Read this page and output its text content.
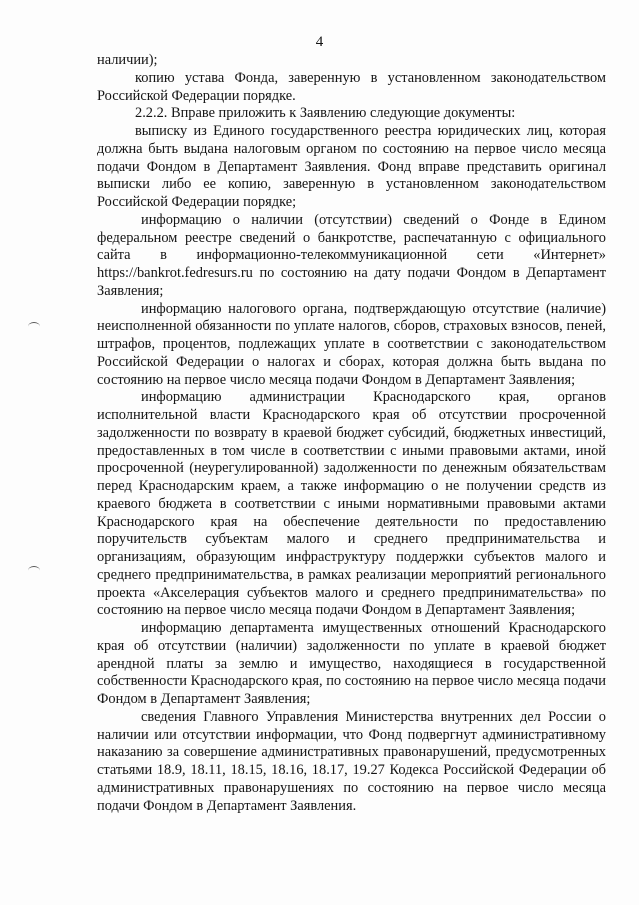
4

наличии);

копию устава Фонда, заверенную в установленном законодательством Российской Федерации порядке.

2.2.2. Вправе приложить к Заявлению следующие документы:

выписку из Единого государственного реестра юридических лиц, которая должна быть выдана налоговым органом по состоянию на первое число месяца подачи Фондом в Департамент Заявления. Фонд вправе представить оригинал выписки либо ее копию, заверенную в установленном законодательством Российской Федерации порядке;

информацию о наличии (отсутствии) сведений о Фонде в Едином федеральном реестре сведений о банкротстве, распечатанную с официального сайта в информационно-телекоммуникационной сети «Интернет» https://bankrot.fedresurs.ru по состоянию на дату подачи Фондом в Департамент Заявления;

информацию налогового органа, подтверждающую отсутствие (наличие) неисполненной обязанности по уплате налогов, сборов, страховых взносов, пеней, штрафов, процентов, подлежащих уплате в соответствии с законодательством Российской Федерации о налогах и сборах, которая должна быть выдана по состоянию на первое число месяца подачи Фондом в Департамент Заявления;

информацию администрации Краснодарского края, органов исполнительной власти Краснодарского края об отсутствии просроченной задолженности по возврату в краевой бюджет субсидий, бюджетных инвестиций, предоставленных в том числе в соответствии с иными правовыми актами, иной просроченной (неурегулированной) задолженности по денежным обязательствам перед Краснодарским краем, а также информацию о не получении средств из краевого бюджета в соответствии с иными нормативными правовыми актами Краснодарского края на обеспечение деятельности по предоставлению поручительств субъектам малого и среднего предпринимательства и организациям, образующим инфраструктуру поддержки субъектов малого и среднего предпринимательства, в рамках реализации мероприятий регионального проекта «Акселерация субъектов малого и среднего предпринимательства» по состоянию на первое число месяца подачи Фондом в Департамент Заявления;

информацию департамента имущественных отношений Краснодарского края об отсутствии (наличии) задолженности по уплате в краевой бюджет арендной платы за землю и имущество, находящиеся в государственной собственности Краснодарского края, по состоянию на первое число месяца подачи Фондом в Департамент Заявления;

сведения Главного Управления Министерства внутренних дел России о наличии или отсутствии информации, что Фонд подвергнут административному наказанию за совершение административных правонарушений, предусмотренных статьями 18.9, 18.11, 18.15, 18.16, 18.17, 19.27 Кодекса Российской Федерации об административных правонарушениях по состоянию на первое число месяца подачи Фондом в Департамент Заявления.
